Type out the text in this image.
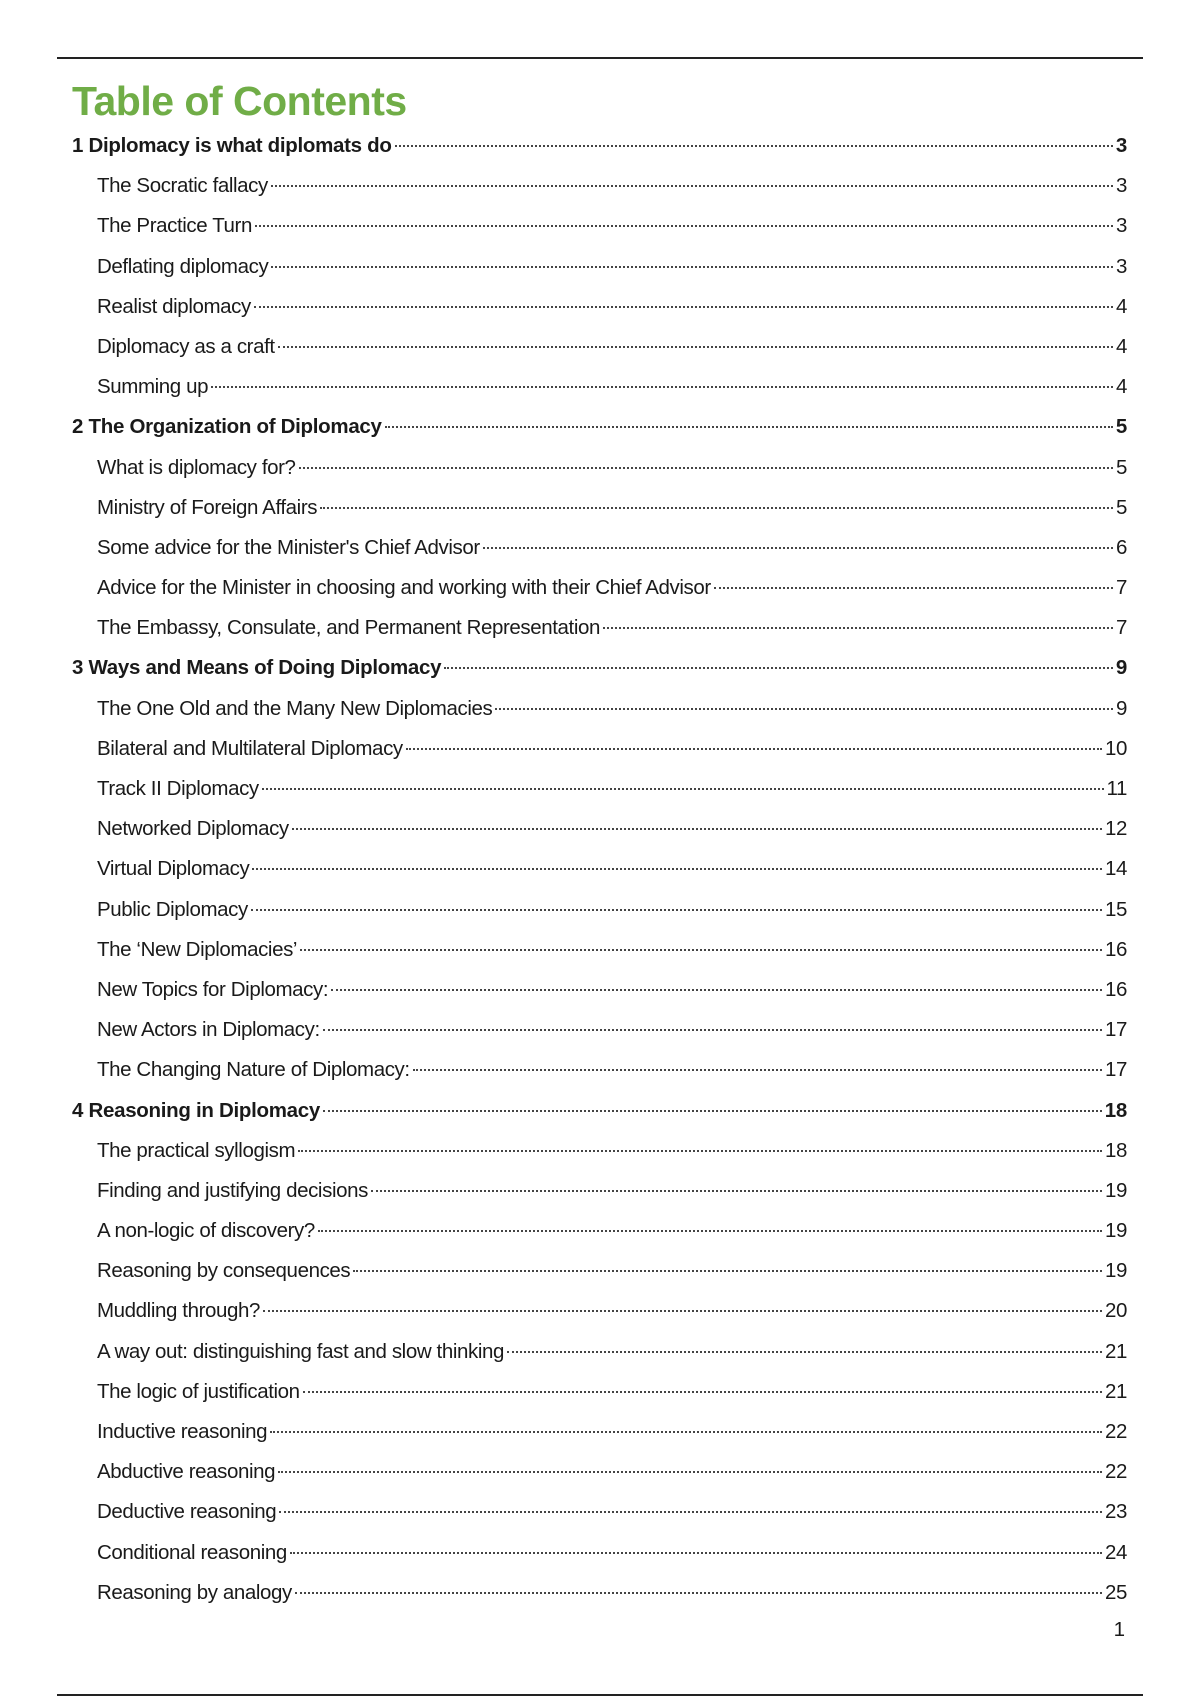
Table of Contents
1 Diplomacy is what diplomats do	3
The Socratic fallacy	3
The Practice Turn	3
Deflating diplomacy	3
Realist diplomacy	4
Diplomacy as a craft	4
Summing up	4
2 The Organization of Diplomacy	5
What is diplomacy for?	5
Ministry of Foreign Affairs	5
Some advice for the Minister's Chief Advisor	6
Advice for the Minister in choosing and working with their Chief Advisor	7
The Embassy, Consulate, and Permanent Representation	7
3 Ways and Means of Doing Diplomacy	9
The One Old and the Many New Diplomacies	9
Bilateral and Multilateral Diplomacy	10
Track II Diplomacy	11
Networked Diplomacy	12
Virtual Diplomacy	14
Public Diplomacy	15
The ‘New Diplomacies’	16
New Topics for Diplomacy:	16
New Actors in Diplomacy:	17
The Changing Nature of Diplomacy:	17
4 Reasoning in Diplomacy	18
The practical syllogism	18
Finding and justifying decisions	19
A non-logic of discovery?	19
Reasoning by consequences	19
Muddling through?	20
A way out: distinguishing fast and slow thinking	21
The logic of justification	21
Inductive reasoning	22
Abductive reasoning	22
Deductive reasoning	23
Conditional reasoning	24
Reasoning by analogy	25
1
